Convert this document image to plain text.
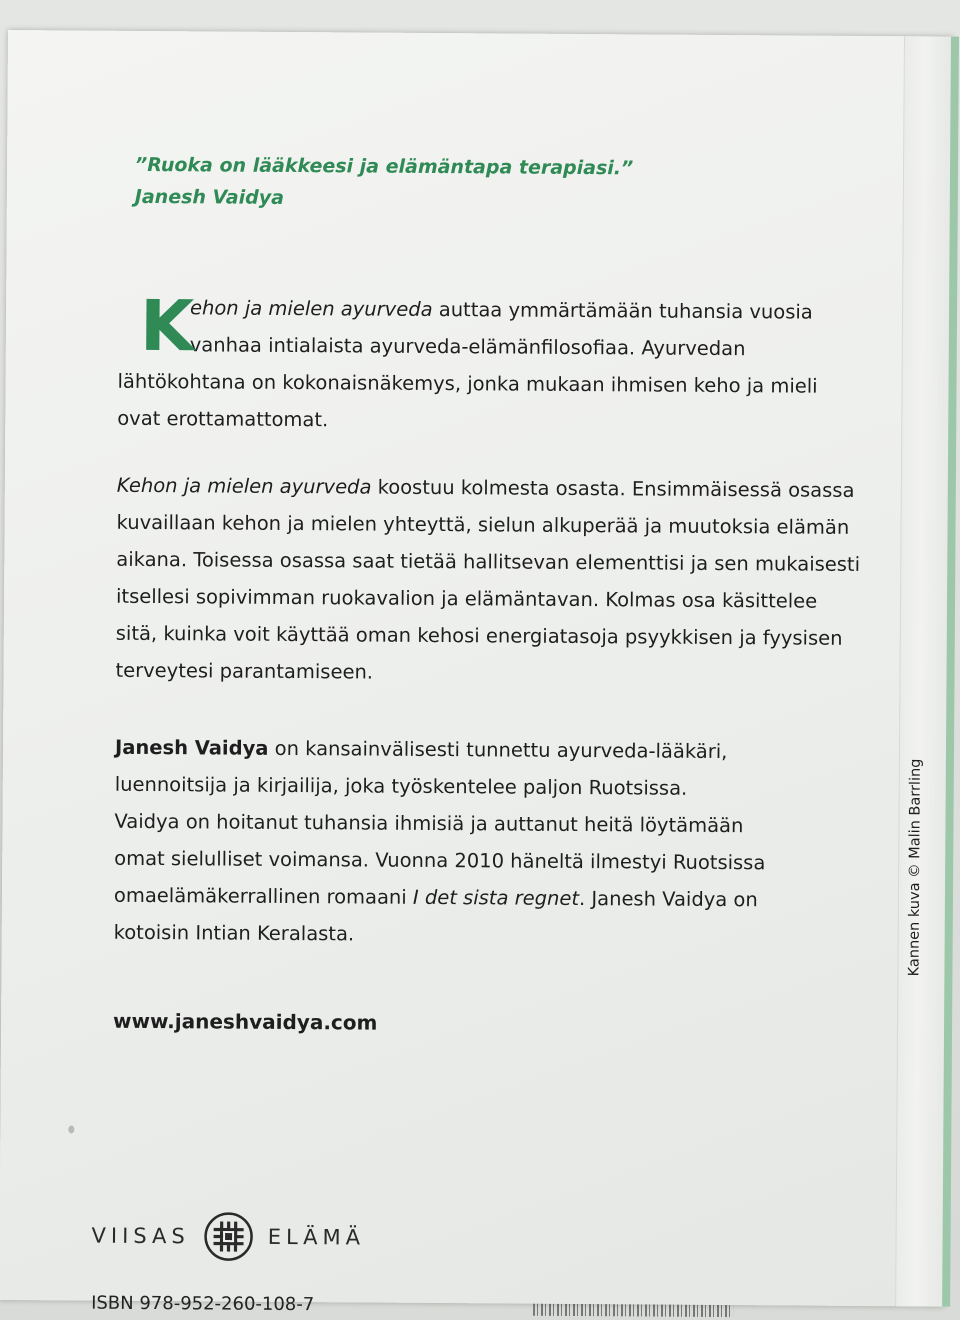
”Ruoka on lääkkeesi ja elämäntapa terapiasi.”
Janesh Vaidya
K
ehon ja mielen ayurveda auttaa ymmärtämään tuhansia vuosia
vanhaa intialaista ayurveda-elämänfilosofiaa. Ayurvedan
lähtökohtana on kokonaisnäkemys, jonka mukaan ihmisen keho ja mieli
ovat erottamattomat.
Kehon ja mielen ayurveda koostuu kolmesta osasta. Ensimmäisessä osassa
kuvaillaan kehon ja mielen yhteyttä, sielun alkuperää ja muutoksia elämän
aikana. Toisessa osassa saat tietää hallitsevan elementtisi ja sen mukaisesti
itsellesi sopivimman ruokavalion ja elämäntavan. Kolmas osa käsittelee
sitä, kuinka voit käyttää oman kehosi energiatasoja psyykkisen ja fyysisen
terveytesi parantamiseen.
Janesh Vaidya on kansainvälisesti tunnettu ayurveda-lääkäri,
luennoitsija ja kirjailija, joka työskentelee paljon Ruotsissa.
Vaidya on hoitanut tuhansia ihmisiä ja auttanut heitä löytämään
omat sielulliset voimansa. Vuonna 2010 häneltä ilmestyi Ruotsissa
omaelämäkerrallinen romaani I det sista regnet. Janesh Vaidya on
kotoisin Intian Keralasta.
www.janeshvaidya.com
Kannen kuva © Malin Barrling
VIISAS	ELÄMÄ
ISBN 978-952-260-108-7
